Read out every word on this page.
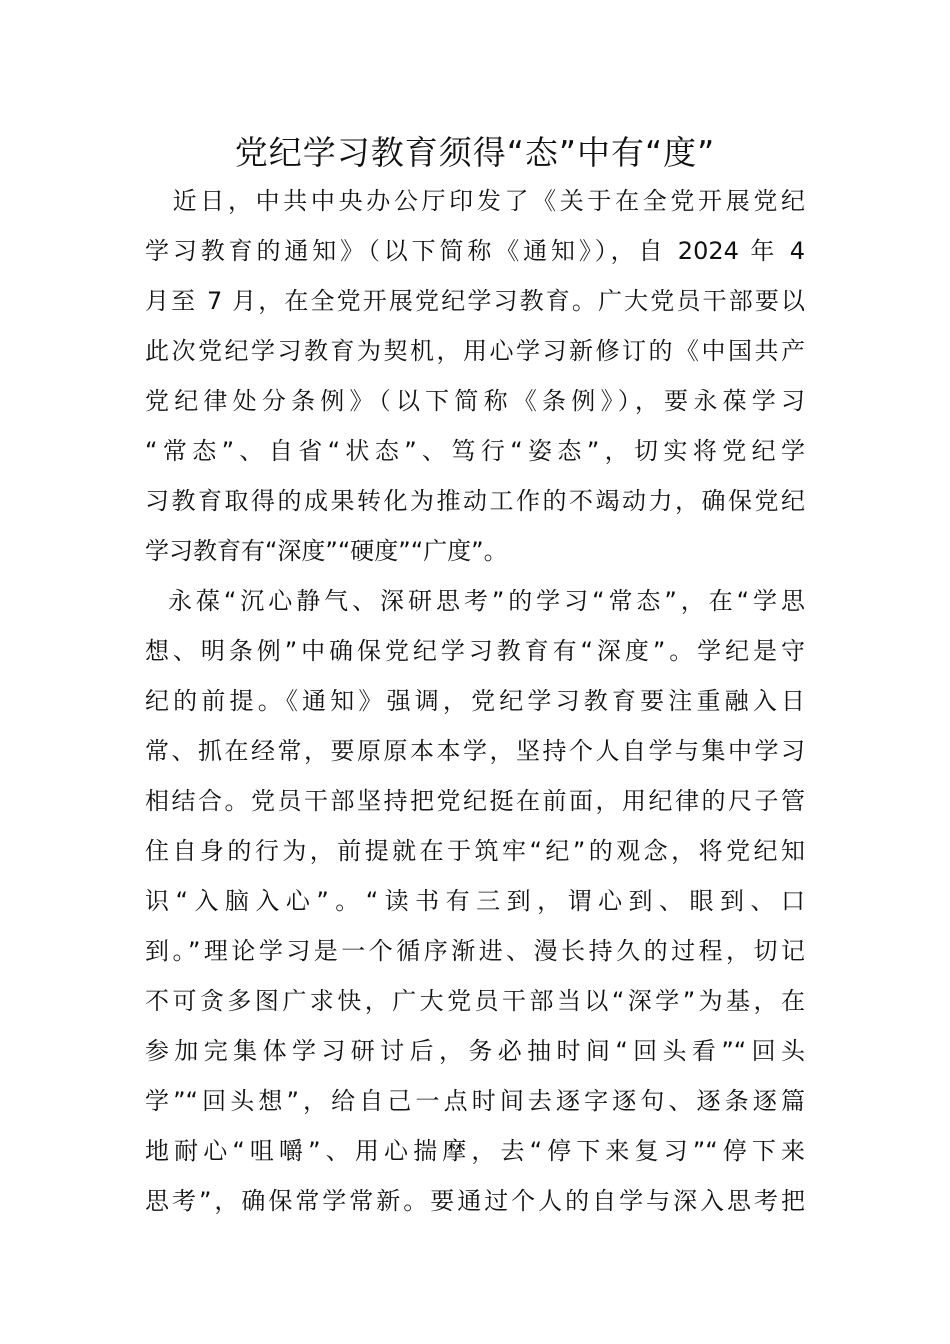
党纪学习教育须得“态”中有“度”
　近日，中共中央办公厅印发了《关于在全党开展党纪
学习教育的通知》（以下简称《通知》），自 2024 年 4
月至 7 月，在全党开展党纪学习教育。广大党员干部要以
此次党纪学习教育为契机，用心学习新修订的《中国共产
党纪律处分条例》（以下简称《条例》），要永葆学习
“常态”、自省“状态”、笃行“姿态”，切实将党纪学
习教育取得的成果转化为推动工作的不竭动力，确保党纪
学习教育有“深度”“硬度”“广度”。
永葆“沉心静气、深研思考”的学习“常态”，在“学思
想、明条例”中确保党纪学习教育有“深度”。学纪是守
纪的前提。《通知》强调，党纪学习教育要注重融入日
常、抓在经常，要原原本本学，坚持个人自学与集中学习
相结合。党员干部坚持把党纪挺在前面，用纪律的尺子管
住自身的行为，前提就在于筑牢“纪”的观念，将党纪知
识“入脑入心”。“读书有三到，谓心到、眼到、口
到。”理论学习是一个循序渐进、漫长持久的过程，切记
不可贪多图广求快，广大党员干部当以“深学”为基，在
参加完集体学习研讨后，务必抽时间“回头看”“回头
学”“回头想”，给自己一点时间去逐字逐句、逐条逐篇
地耐心“咀嚼”、用心揣摩，去“停下来复习”“停下来
思考”，确保常学常新。要通过个人的自学与深入思考把
